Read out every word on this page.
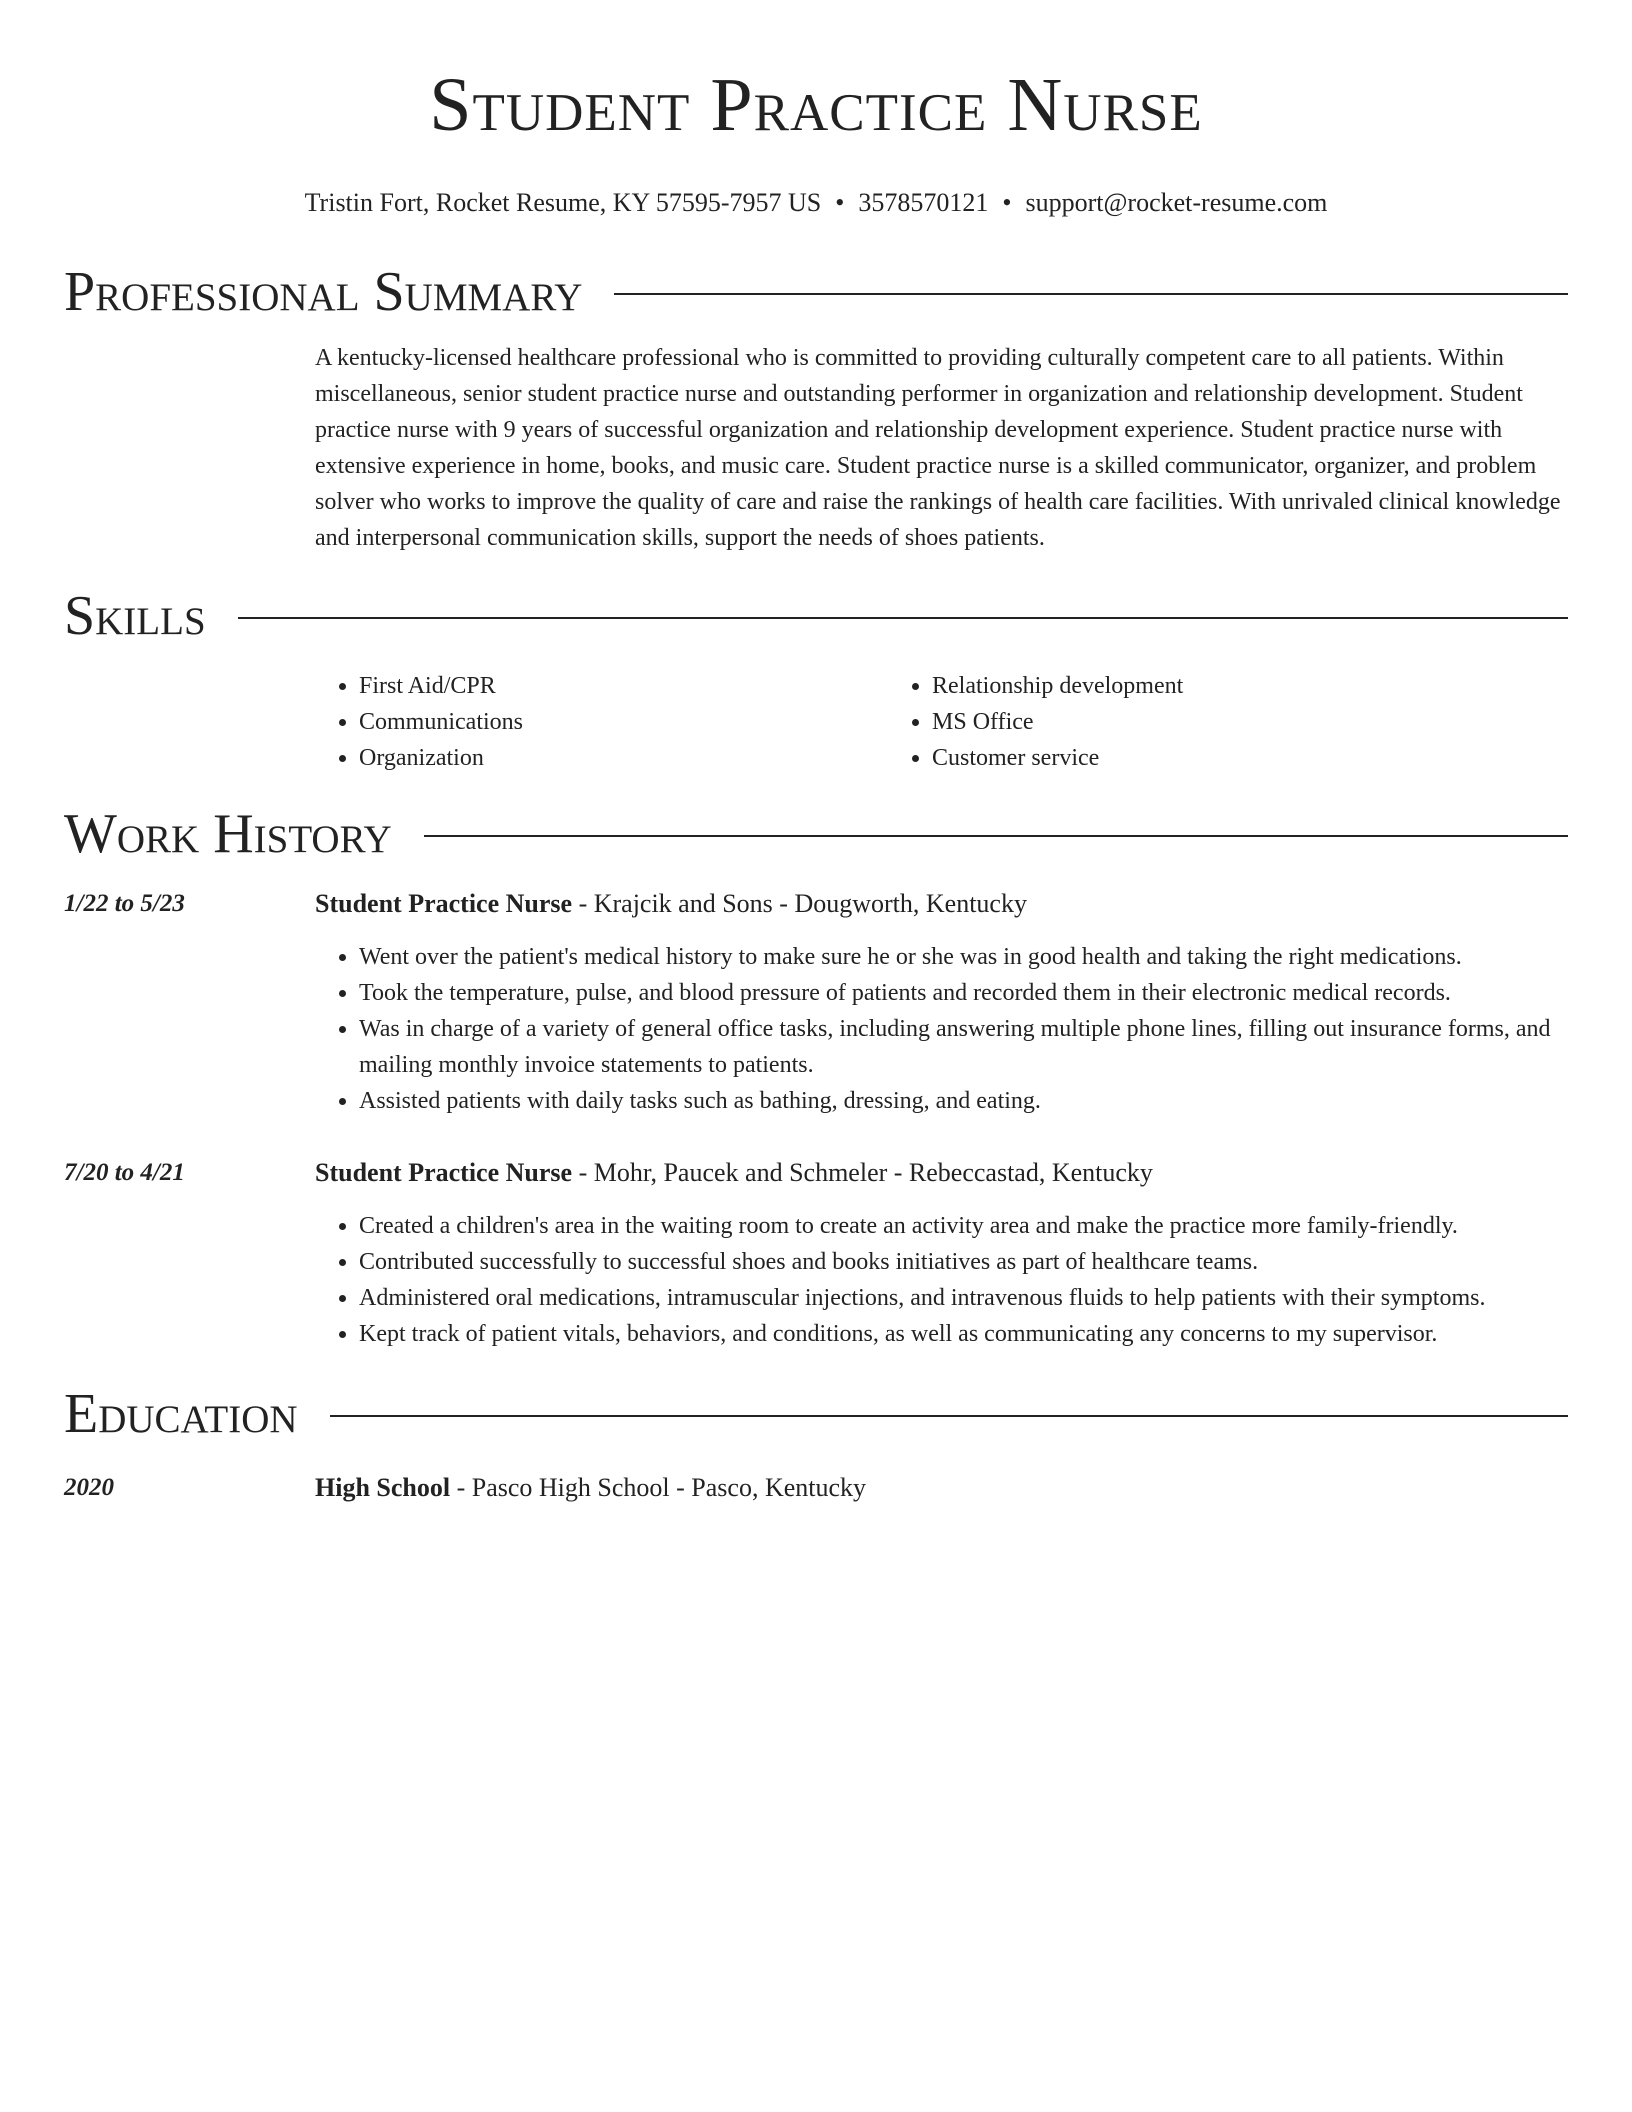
Student Practice Nurse
Tristin Fort, Rocket Resume, KY 57595-7957 US • 3578570121 • support@rocket-resume.com
Professional Summary
A kentucky-licensed healthcare professional who is committed to providing culturally competent care to all patients. Within miscellaneous, senior student practice nurse and outstanding performer in organization and relationship development. Student practice nurse with 9 years of successful organization and relationship development experience. Student practice nurse with extensive experience in home, books, and music care. Student practice nurse is a skilled communicator, organizer, and problem solver who works to improve the quality of care and raise the rankings of health care facilities. With unrivaled clinical knowledge and interpersonal communication skills, support the needs of shoes patients.
Skills
• First Aid/CPR
• Communications
• Organization
• Relationship development
• MS Office
• Customer service
Work History
1/22 to 5/23	Student Practice Nurse - Krajcik and Sons - Dougworth, Kentucky
• Went over the patient's medical history to make sure he or she was in good health and taking the right medications.
• Took the temperature, pulse, and blood pressure of patients and recorded them in their electronic medical records.
• Was in charge of a variety of general office tasks, including answering multiple phone lines, filling out insurance forms, and mailing monthly invoice statements to patients.
• Assisted patients with daily tasks such as bathing, dressing, and eating.
7/20 to 4/21	Student Practice Nurse - Mohr, Paucek and Schmeler - Rebeccastad, Kentucky
• Created a children's area in the waiting room to create an activity area and make the practice more family-friendly.
• Contributed successfully to successful shoes and books initiatives as part of healthcare teams.
• Administered oral medications, intramuscular injections, and intravenous fluids to help patients with their symptoms.
• Kept track of patient vitals, behaviors, and conditions, as well as communicating any concerns to my supervisor.
Education
2020	High School - Pasco High School - Pasco, Kentucky
